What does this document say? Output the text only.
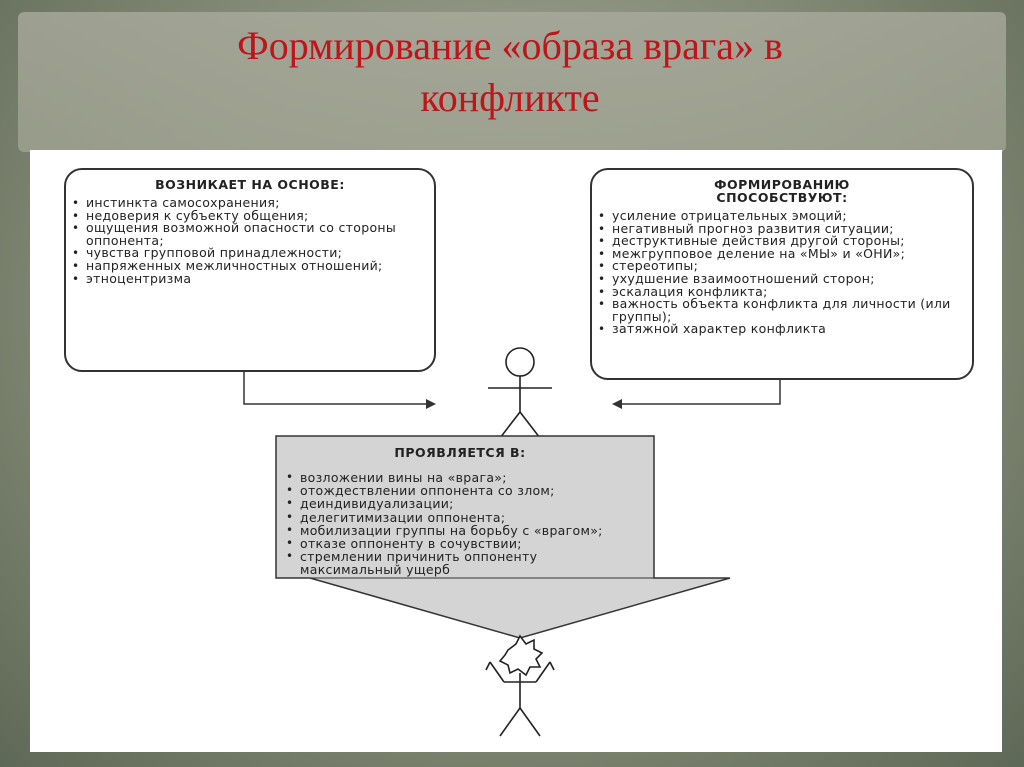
Формирование «образа врага» в
конфликте
ВОЗНИКАЕТ НА ОСНОВЕ:
• инстинкта самосохранения;
• недоверия к субъекту общения;
• ощущения возможной опасности со стороны оппонента;
• чувства групповой принадлежности;
• напряженных межличностных отношений;
• этноцентризма
ФОРМИРОВАНИЮ
СПОСОБСТВУЮТ:
• усиление отрицательных эмоций;
• негативный прогноз развития ситуации;
• деструктивные действия другой стороны;
• межгрупповое деление на «МЫ» и «ОНИ»;
• стереотипы;
• ухудшение взаимоотношений сторон;
• эскалация конфликта;
• важность объекта конфликта для личности (или группы);
• затяжной характер конфликта
ПРОЯВЛЯЕТСЯ В:
• возложении вины на «врага»;
• отождествлении оппонента со злом;
• деиндивидуализации;
• делегитимизации оппонента;
• мобилизации группы на борьбу с «врагом»;
• отказе оппоненту в сочувствии;
• стремлении причинить оппоненту максимальный ущерб
